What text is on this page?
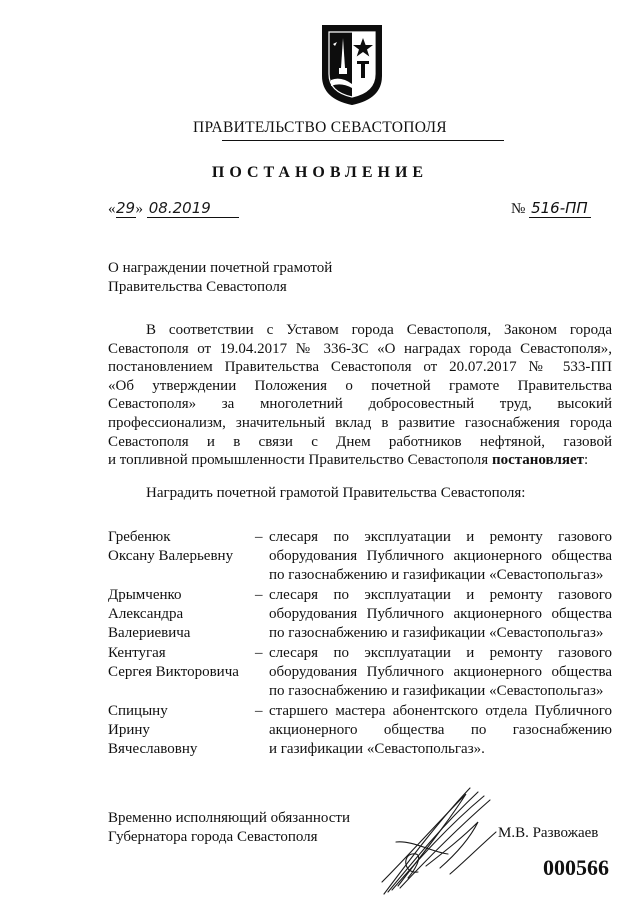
ПРАВИТЕЛЬСТВО СЕВАСТОПОЛЯ
ПОСТАНОВЛЕНИЕ
«29» 08.2019	№ 516-ПП
О награждении почетной грамотой
Правительства Севастополя
В соответствии с Уставом города Севастополя, Законом города
Севастополя от 19.04.2017 № 336-ЗС «О наградах города Севастополя»,
постановлением Правительства Севастополя от 20.07.2017 № 533-ПП
«Об утверждении Положения о почетной грамоте Правительства
Севастополя» за многолетний добросовестный труд, высокий
профессионализм, значительный вклад в развитие газоснабжения города
Севастополя и в связи с Днем работников нефтяной, газовой
и топливной промышленности Правительство Севастополя постановляет:
Наградить почетной грамотой Правительства Севастополя:
Гребенюк
Оксану Валерьевну
– слесаря по эксплуатации и ремонту газового
оборудования Публичного акционерного общества
по газоснабжению и газификации «Севастопольгаз»
Дрымченко
Александра
Валериевича
– слесаря по эксплуатации и ремонту газового
оборудования Публичного акционерного общества
по газоснабжению и газификации «Севастопольгаз»
Кентугая
Сергея Викторовича
– слесаря по эксплуатации и ремонту газового
оборудования Публичного акционерного общества
по газоснабжению и газификации «Севастопольгаз»
Спицыну
Ирину
Вячеславовну
– старшего мастера абонентского отдела Публичного
акционерного общества по газоснабжению
и газификации «Севастопольгаз».
Временно исполняющий обязанности
Губернатора города Севастополя	М.В. Развожаев
000566
